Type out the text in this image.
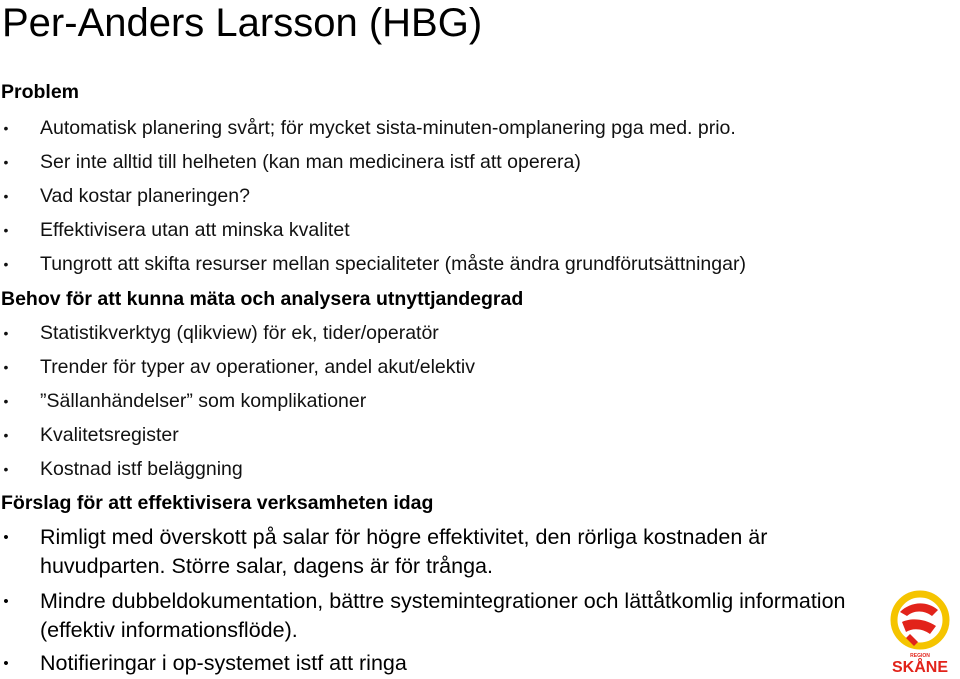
Per-Anders Larsson (HBG)
Problem
• Automatisk planering svårt; för mycket sista-minuten-omplanering pga med. prio.
• Ser inte alltid till helheten (kan man medicinera istf att operera)
• Vad kostar planeringen?
• Effektivisera utan att minska kvalitet
• Tungrott att skifta resurser mellan specialiteter (måste ändra grundförutsättningar)
Behov för att kunna mäta och analysera utnyttjandegrad
• Statistikverktyg (qlikview) för ek, tider/operatör
• Trender för typer av operationer, andel akut/elektiv
• ”Sällanhändelser” som komplikationer
• Kvalitetsregister
• Kostnad istf beläggning
Förslag för att effektivisera verksamheten idag
• Rimligt med överskott på salar för högre effektivitet, den rörliga kostnaden är
huvudparten. Större salar, dagens är för trånga.
• Mindre dubbeldokumentation, bättre systemintegrationer och lättåtkomlig information
(effektiv informationsflöde).
• Notifieringar i op-systemet istf att ringa	REGION
SKÅNE
